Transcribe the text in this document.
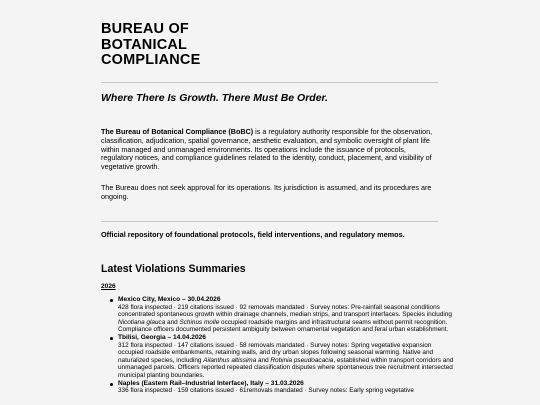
BUREAU OF
BOTANICAL
COMPLIANCE

Where There Is Growth. There Must Be Order.

The Bureau of Botanical Compliance (BoBC) is a regulatory authority responsible for the observation, classification, adjudication, spatial governance, aesthetic evaluation, and symbolic oversight of plant life within managed and unmanaged environments. Its operations include the issuance of protocols, regulatory notices, and compliance guidelines related to the identity, conduct, placement, and visibility of vegetative growth.

The Bureau does not seek approval for its operations. Its jurisdiction is assumed, and its procedures are ongoing.

Official repository of foundational protocols, field interventions, and regulatory memos.

Latest Violations Summaries

2026

Mexico City, Mexico – 30.04.2026
428 flora inspected · 219 citations issued · 92 removals mandated · Survey notes: Pre-rainfall seasonal conditions concentrated spontaneous growth within drainage channels, median strips, and transport interfaces. Species including Nicotiana glauca and Schinus molle occupied roadside margins and infrastructural seams without permit recognition. Compliance officers documented persistent ambiguity between ornamental vegetation and feral urban establishment.
Tbilisi, Georgia – 14.04.2026
312 flora inspected · 147 citations issued · 58 removals mandated · Survey notes: Spring vegetative expansion occupied roadside embankments, retaining walls, and dry urban slopes following seasonal warming. Native and naturalized species, including Ailanthus altissima and Robinia pseudoacacia, established within transport corridors and unmanaged parcels. Officers reported repeated classification disputes where spontaneous tree recruitment intersected municipal planting boundaries.
Naples (Eastern Rail–Industrial Interface), Italy – 31.03.2026
336 flora inspected · 159 citations issued · 61removals mandated · Survey notes: Early spring vegetative
